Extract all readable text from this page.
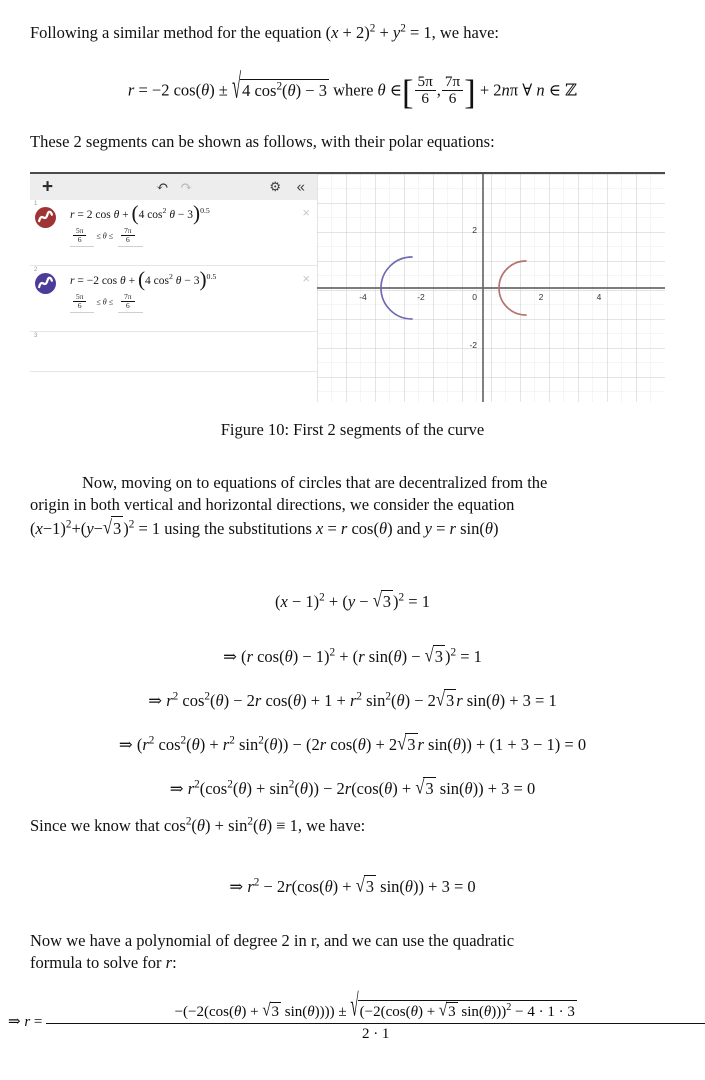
Following a similar method for the equation $(x + 2)^2 + y^2 = 1$, we have:
r = −2 cos(θ) ± √4 $\cos^2(\theta) - 3$ where θ ∈[ $\frac{5\pi}{6}$ , $\frac{7\pi}{6}$ ] + 2nπ ∀ n ∈ ℤ
These 2 segments can be shown as follows, with their polar equations:
+	↶ ↷	⚙ «
1
×
r = 2 cos θ + (4 $\cos^2 \theta - 3)^{0.5}$
$\frac{5\pi}{6} \le \theta \le \frac{7\pi}{6}$
2
×
r = −2 cos θ + (4 $\cos^2 \theta - 3)^{0.5}$
$\frac{5\pi}{6} \le \theta \le \frac{7\pi}{6}$
3
-4	-2	0	2	4
2
-2
Figure 10: First 2 segments of the curve
Now, moving on to equations of circles that are decentralized from the
origin in both vertical and horizontal directions, we consider the equation
$(x-1)^2+(y-√3$ )$^2$ = 1 using the substitutions x = r cos(θ) and y = r sin(θ)
$(x - 1)^2 + (y - √3$ )$^2$ = 1
⇒ (r cos(θ) − 1)$^2$ + (r sin(θ) − √3 )$^2$ = 1
⇒ $r^2$ $\cos^2(\theta) - 2r$ $\cos(\theta) + 1 + r^2$ $\sin^2(\theta) - 2√3$ r sin(θ) + 3 = 1
⇒ ($r^2$ $\cos^2(\theta) + r^2$ $\sin^2(\theta)) - (2r$ cos(θ) + 2√3 r sin(θ)) + (1 + 3 − 1) = 0
⇒ $r^2(\cos^2(\theta) + \sin^2(\theta)) - 2r(\cos(\theta) + √3$ sin(θ)) + 3 = 0
Since we know that $\cos^2(\theta) + \sin^2(\theta) \equiv 1$, we have:
⇒ $r^2 - 2r(\cos(\theta) + √3$ sin(θ)) + 3 = 0
Now we have a polynomial of degree 2 in r, and we can use the quadratic
formula to solve for r:
⇒ r =
−(−2(cos(θ) + √3 sin(θ)))) ± √(−2(cos(θ) + √3 sin(θ)))$^2$ − 4 · 1 · 3
2 · 1
